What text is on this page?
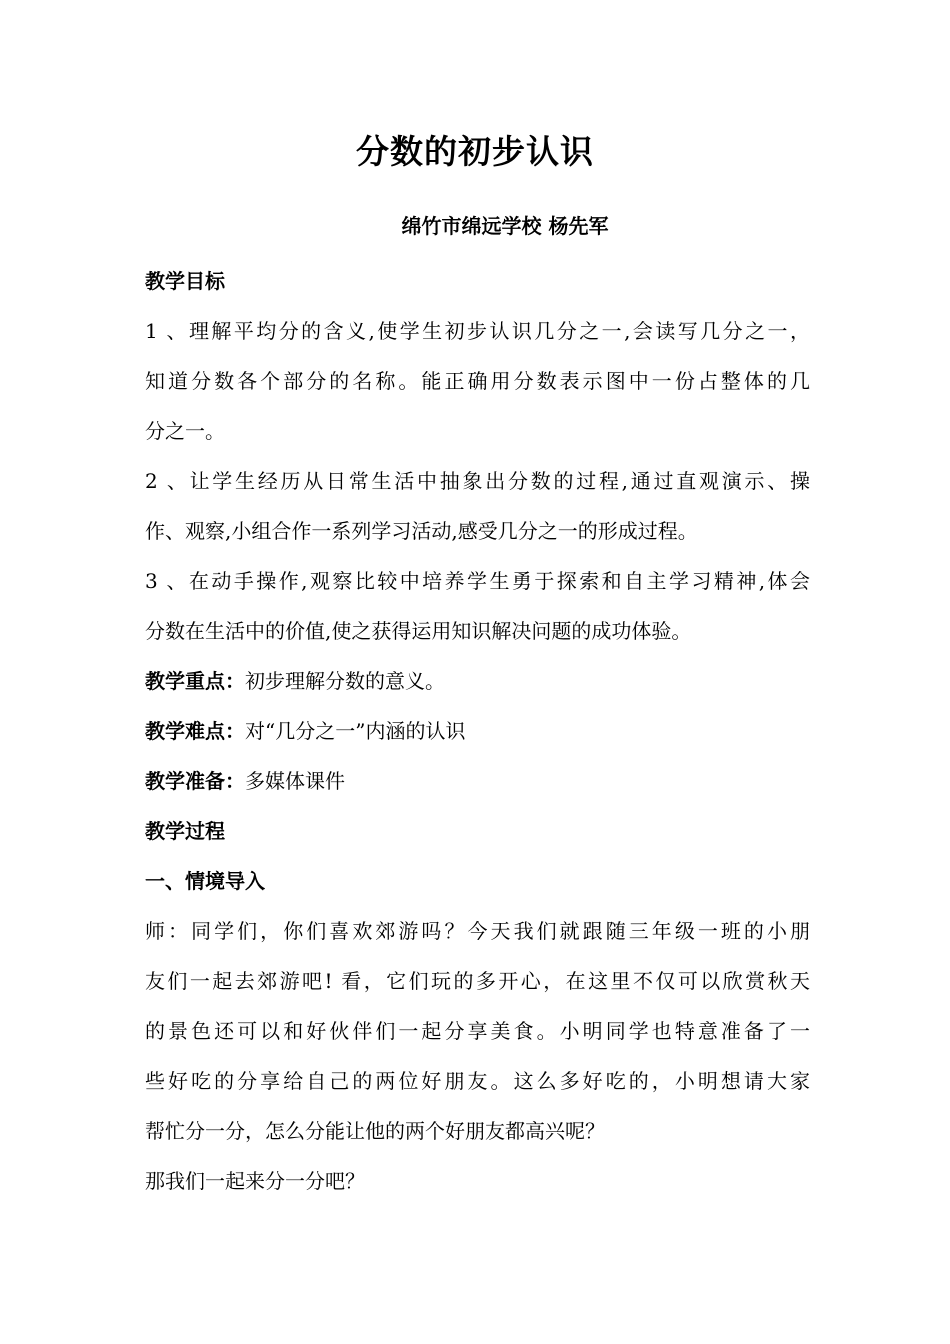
分数的初步认识
绵竹市绵远学校 杨先军
教学目标
1 、理解平均分的含义,使学生初步认识几分之一,会读写几分之一，
知道分数各个部分的名称。能正确用分数表示图中一份占整体的几
分之一。
2 、让学生经历从日常生活中抽象出分数的过程,通过直观演示、操
作、观察,小组合作一系列学习活动,感受几分之一的形成过程。
3 、在动手操作,观察比较中培养学生勇于探索和自主学习精神,体会
分数在生活中的价值,使之获得运用知识解决问题的成功体验。
教学重点：初步理解分数的意义。
教学难点：对“几分之一”内涵的认识
教学准备：多媒体课件
教学过程
一、情境导入
师：同学们，你们喜欢郊游吗？今天我们就跟随三年级一班的小朋
友们一起去郊游吧! 看，它们玩的多开心，在这里不仅可以欣赏秋天
的景色还可以和好伙伴们一起分享美食。小明同学也特意准备了一
些好吃的分享给自己的两位好朋友。这么多好吃的，小明想请大家
帮忙分一分，怎么分能让他的两个好朋友都高兴呢？
那我们一起来分一分吧？
